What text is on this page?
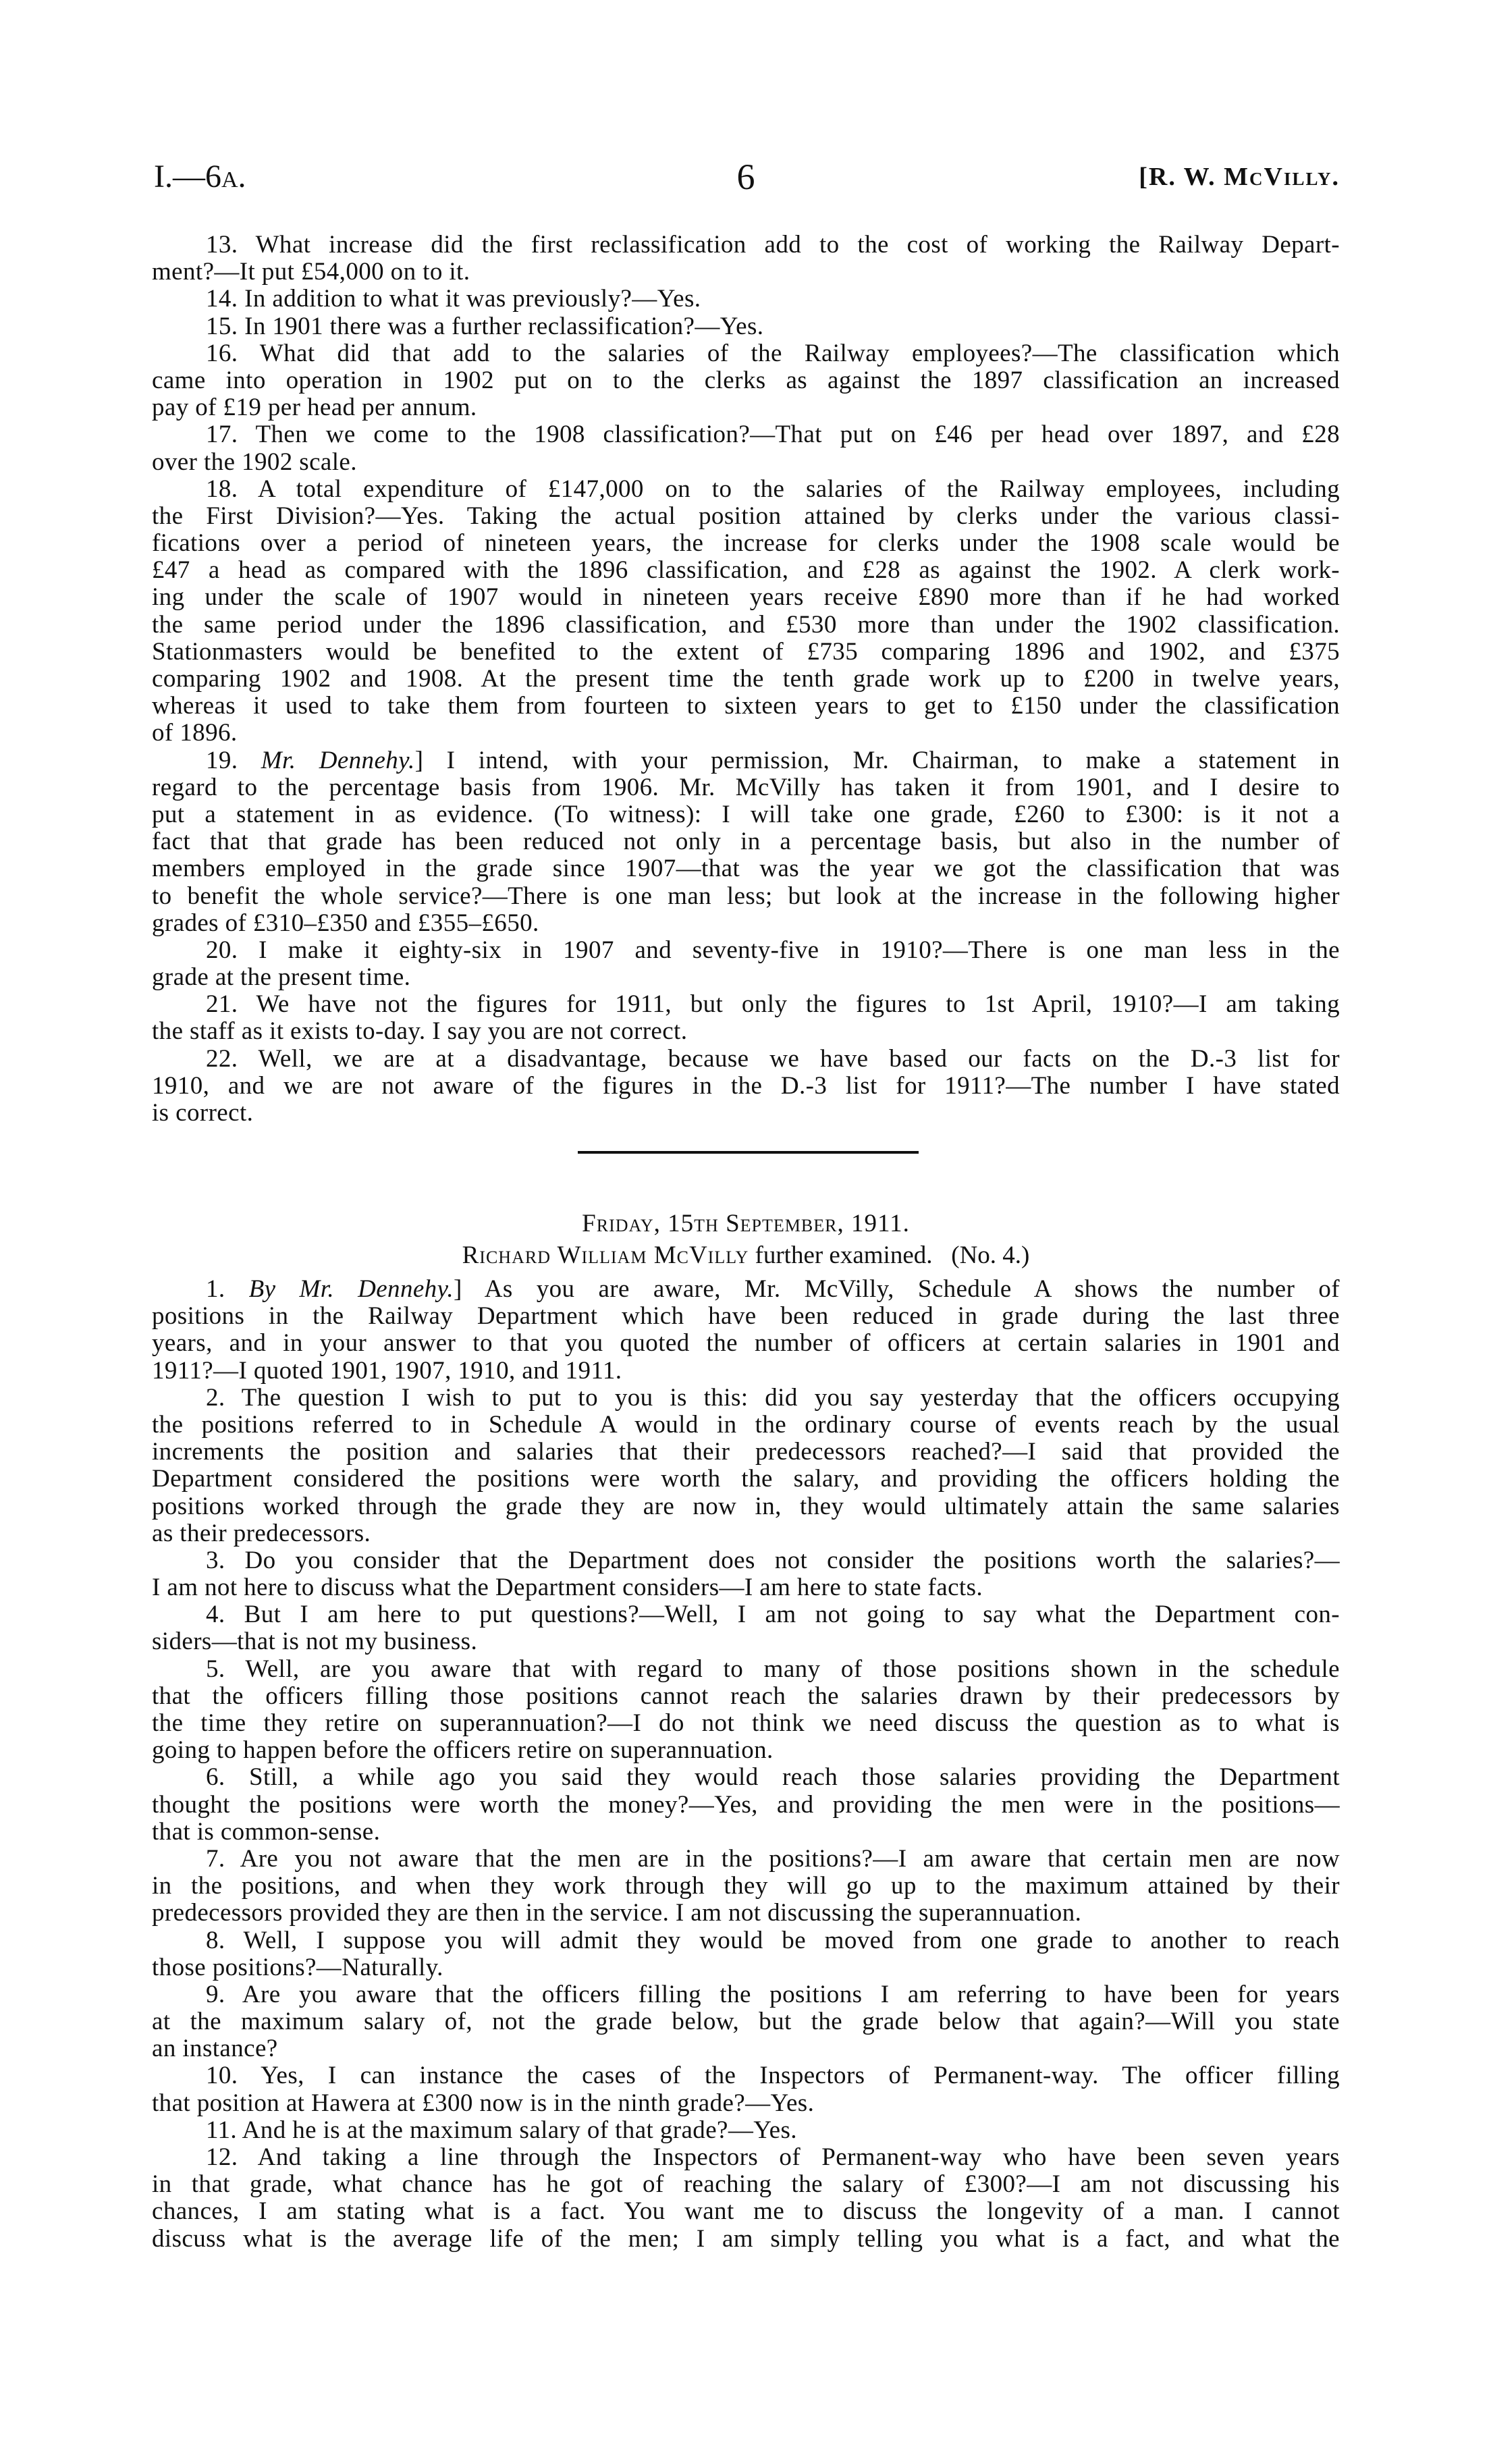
I.—6a.	6	[R. W. McVilly.
13. What increase did the first reclassification add to the cost of working the Railway Depart-
ment?—It put £54,000 on to it.
14. In addition to what it was previously?—Yes.
15. In 1901 there was a further reclassification?—Yes.
16. What did that add to the salaries of the Railway employees?—The classification which
came into operation in 1902 put on to the clerks as against the 1897 classification an increased
pay of £19 per head per annum.
17. Then we come to the 1908 classification?—That put on £46 per head over 1897, and £28
over the 1902 scale.
18. A total expenditure of £147,000 on to the salaries of the Railway employees, including
the First Division?—Yes. Taking the actual position attained by clerks under the various classi-
fications over a period of nineteen years, the increase for clerks under the 1908 scale would be
£47 a head as compared with the 1896 classification, and £28 as against the 1902. A clerk work-
ing under the scale of 1907 would in nineteen years receive £890 more than if he had worked
the same period under the 1896 classification, and £530 more than under the 1902 classification.
Stationmasters would be benefited to the extent of £735 comparing 1896 and 1902, and £375
comparing 1902 and 1908. At the present time the tenth grade work up to £200 in twelve years,
whereas it used to take them from fourteen to sixteen years to get to £150 under the classification
of 1896.
19. Mr. Dennehy.] I intend, with your permission, Mr. Chairman, to make a statement in
regard to the percentage basis from 1906. Mr. McVilly has taken it from 1901, and I desire to
put a statement in as evidence. (To witness): I will take one grade, £260 to £300: is it not a
fact that that grade has been reduced not only in a percentage basis, but also in the number of
members employed in the grade since 1907—that was the year we got the classification that was
to benefit the whole service?—There is one man less; but look at the increase in the following higher
grades of £310–£350 and £355–£650.
20. I make it eighty-six in 1907 and seventy-five in 1910?—There is one man less in the
grade at the present time.
21. We have not the figures for 1911, but only the figures to 1st April, 1910?—I am taking
the staff as it exists to-day. I say you are not correct.
22. Well, we are at a disadvantage, because we have based our facts on the D.-3 list for
1910, and we are not aware of the figures in the D.-3 list for 1911?—The number I have stated
is correct.
Friday, 15th September, 1911.
Richard William McVilly further examined.   (No. 4.)
1. By Mr. Dennehy.] As you are aware, Mr. McVilly, Schedule A shows the number of
positions in the Railway Department which have been reduced in grade during the last three
years, and in your answer to that you quoted the number of officers at certain salaries in 1901 and
1911?—I quoted 1901, 1907, 1910, and 1911.
2. The question I wish to put to you is this: did you say yesterday that the officers occupying
the positions referred to in Schedule A would in the ordinary course of events reach by the usual
increments the position and salaries that their predecessors reached?—I said that provided the
Department considered the positions were worth the salary, and providing the officers holding the
positions worked through the grade they are now in, they would ultimately attain the same salaries
as their predecessors.
3. Do you consider that the Department does not consider the positions worth the salaries?—
I am not here to discuss what the Department considers—I am here to state facts.
4. But I am here to put questions?—Well, I am not going to say what the Department con-
siders—that is not my business.
5. Well, are you aware that with regard to many of those positions shown in the schedule
that the officers filling those positions cannot reach the salaries drawn by their predecessors by
the time they retire on superannuation?—I do not think we need discuss the question as to what is
going to happen before the officers retire on superannuation.
6. Still, a while ago you said they would reach those salaries providing the Department
thought the positions were worth the money?—Yes, and providing the men were in the positions—
that is common-sense.
7. Are you not aware that the men are in the positions?—I am aware that certain men are now
in the positions, and when they work through they will go up to the maximum attained by their
predecessors provided they are then in the service. I am not discussing the superannuation.
8. Well, I suppose you will admit they would be moved from one grade to another to reach
those positions?—Naturally.
9. Are you aware that the officers filling the positions I am referring to have been for years
at the maximum salary of, not the grade below, but the grade below that again?—Will you state
an instance?
10. Yes, I can instance the cases of the Inspectors of Permanent-way. The officer filling
that position at Hawera at £300 now is in the ninth grade?—Yes.
11. And he is at the maximum salary of that grade?—Yes.
12. And taking a line through the Inspectors of Permanent-way who have been seven years
in that grade, what chance has he got of reaching the salary of £300?—I am not discussing his
chances, I am stating what is a fact. You want me to discuss the longevity of a man. I cannot
discuss what is the average life of the men; I am simply telling you what is a fact, and what the
